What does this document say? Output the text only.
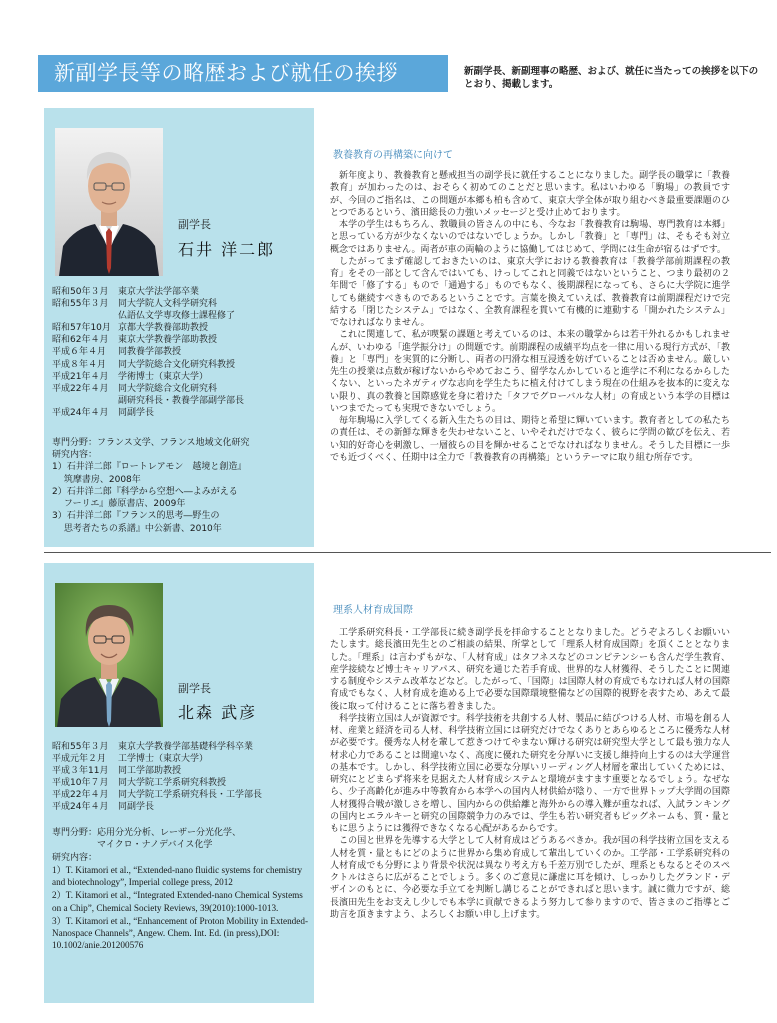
新副学長等の略歴および就任の挨拶	新副学長、新副理事の略歴、および、就任に当たっての挨拶を以下のとおり、掲載します。
副学長
石井 洋二郎
昭和50年３月	東京大学法学部卒業
昭和55年３月	同大学院人文科学研究科
仏語仏文学専攻修士課程修了
昭和57年10月 京都大学教養部助教授
昭和62年４月	東京大学教養学部助教授
平成６年４月	同教養学部教授
平成８年４月	同大学院総合文化研究科教授
平成21年４月	学術博士（東京大学）
平成22年４月	同大学院総合文化研究科
副研究科長・教養学部副学部長
平成24年４月	同副学長
専門分野：フランス文学、フランス地域文化研究
研究内容：

1）石井洋二郎『ロートレアモン　越境と創造』
　 筑摩書房、2008年

2）石井洋二郎『科学から空想へ―よみがえる
　 フーリエ』藤原書店、2009年

3）石井洋二郎『フランス的思考―野生の
　 思考者たちの系譜』中公新書、2010年

教養教育の再構築に向けて

新年度より、教養教育と懸戒担当の副学長に就任することになりました。副学長の職掌に「教養教育」が加わったのは、おそらく初めてのことだと思います。私はいわゆる「駒場」の教員ですが、今回のご指名は、この問題が本郷も柏も含めて、東京大学全体が取り組むべき最重要課題のひとつであるという、濱田総長の力強いメッセージと受け止めております。

本学の学生はもちろん、教職員の皆さんの中にも、今なお「教養教育は駒場、専門教育は本郷」と思っている方が少なくないのではないでしょうか。しかし「教養」と「専門」は、そもそも対立概念ではありません。両者が車の両輪のように協働してはじめて、学問には生命が宿るはずです。

したがってまず確認しておきたいのは、東京大学における教養教育は「教養学部前期課程の教育」をその一部として含んではいても、けっしてこれと同義ではないということ、つまり最初の２年間で「修了する」もので「通過する」ものでもなく、後期課程になっても、さらに大学院に進学しても継続すべきものであるということです。言葉を換えていえば、教養教育は前期課程だけで完結する「閉じたシステム」ではなく、全教育課程を貫いて有機的に連動する「開かれたシステム」でなければなりません。

これに関連して、私が喫緊の課題と考えているのは、本来の職掌からは若干外れるかもしれませんが、いわゆる「進学振分け」の問題です。前期課程の成績平均点を一律に用いる現行方式が、「教養」と「専門」を実質的に分断し、両者の円滑な相互浸透を妨げていることは否めません。厳しい先生の授業は点数が稼げないからやめておこう、留学なんかしていると進学に不利になるからしたくない、といったネガティヴな志向を学生たちに植え付けてしまう現在の仕組みを抜本的に変えない限り、真の教養と国際感覚を身に着けた「タフでグローバルな人材」の育成という本学の目標はいつまでたっても実現できないでしょう。

毎年駒場に入学してくる新入生たちの目は、期待と希望に輝いています。教育者としての私たちの責任は、その新鮮な輝きを失わせないこと、いやそれだけでなく、彼らに学問の歓びを伝え、若い知的好奇心を刺激し、一層彼らの目を輝かせることでなければなりません。そうした目標に一歩でも近づくべく、任期中は全力で「教養教育の再構築」というテーマに取り組む所存です。

副学長
北森 武彦
昭和55年３月	東京大学教養学部基礎科学科卒業
平成元年２月	工学博士（東京大学）
平成３年11月	同工学部助教授
平成10年７月	同大学院工学系研究科教授
平成22年４月	同大学院工学系研究科長・工学部長
平成24年４月	同副学長
専門分野：応用分光分析、レーザー分光化学、
　　　　　マイクロ・ナノデバイス化学
研究内容：

1）T. Kitamori et al., “Extended-nano fluidic systems for chemistry and biotechnology”, Imperial college press, 2012

2）T. Kitamori et al., “Integrated Extended-nano Chemical Systems on a Chip”, Chemical Society Reviews, 39(2010):1000-1013.

3）T. Kitamori et al., “Enhancement of Proton Mobility in Extended-Nanospace Channels”, Angew. Chem. Int. Ed. (in press),DOI: 10.1002/anie.201200576

理系人材育成国際

工学系研究科長・工学部長に続き副学長を拝命することとなりました。どうぞよろしくお願いいたします。総長濱田先生とのご相談の結果、所掌として「理系人材育成国際」を頂くこととなりました。「理系」は言わずもがな、「人材育成」はタフネスなどのコンピテンシーも含んだ学生教育、産学接続など博士キャリアパス、研究を通じた若手育成、世界的な人材獲得、そうしたことに関連する制度やシステム改革などなど。したがって、「国際」は国際人材の育成でもなければ人材の国際育成でもなく、人材育成を進める上で必要な国際環境整備などの国際的視野を表すため、あえて最後に取って付けることに落ち着きました。

科学技術立国は人が資源です。科学技術を共創する人材、製品に結びつける人材、市場を創る人材、産業と経済を司る人材、科学技術立国には研究だけでなくありとあらゆるところに優秀な人材が必要です。優秀な人材を輩して惹きつけてやまない輝ける研究は研究型大学として最も強力な人材求心力であることは間違いなく、高度に優れた研究を分厚いに支援し維持向上するのは大学運営の基本です。しかし、科学技術立国に必要な分厚いリーディング人材層を輩出していくためには、研究にとどまらず将来を見据えた人材育成システムと環境がますます重要となるでしょう。なぜなら、少子高齢化が進み中等教育から本学への国内人材供給が陰り、一方で世界トップ大学間の国際人材獲得合戦が激しさを増し、国内からの供給離と海外からの導入難が重なれば、入試ランキングの国内ヒエラルキーと研究の国際競争力のみでは、学生も若い研究者もピッグネームも、質・量ともに思うようには獲得できなくなる心配があるからです。

この国と世界を先導する大学として人材育成はどうあるべきか。我が国の科学技術立国を支える人材を質・量ともにどのように世界から集め育成して輩出していくのか。工学部・工学系研究科の人材育成でも分野により背景や状況は異なり考え方も千差万別でしたが、理系ともなるとそのスペクトルはさらに広がることでしょう。多くのご意見に謙虚に耳を傾け、しっかりしたグランド・デザインのもとに、今必要な手立てを判断し講じることができればと思います。誠に微力ですが、総長濱田先生をお支えし少しでも本学に貢献できるよう努力して参りますので、皆さまのご指導とご助言を頂きますよう、よろしくお願い申し上げます。
